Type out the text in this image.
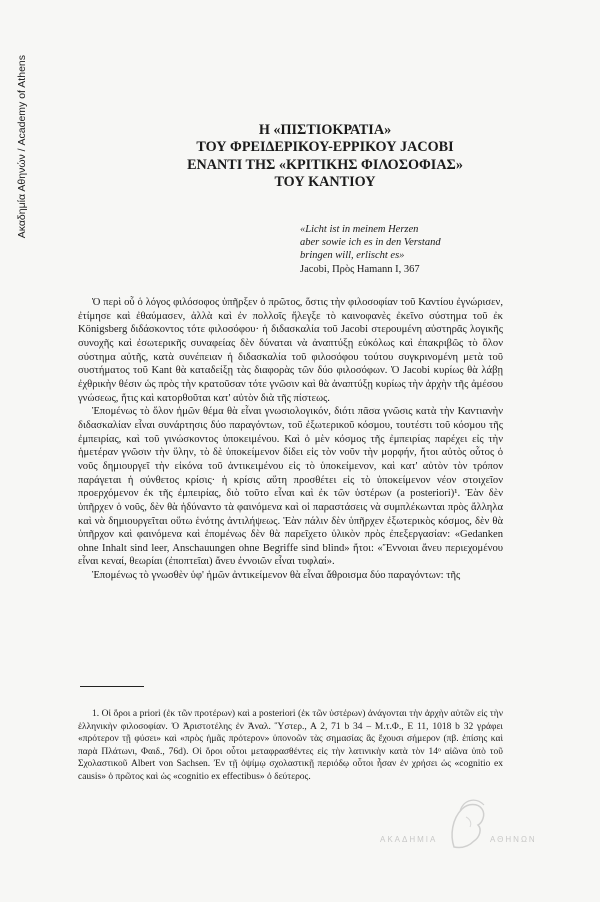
Ακαδημία Αθηνών / Academy of Athens	Η «ΠΙΣΤΙΟΚΡΑΤΙΑ»
ΤΟΥ ΦΡΕΙΔΕΡΙΚΟΥ-ΕΡΡΙΚΟΥ JACOBI
ΕΝΑΝΤΙ ΤΗΣ «ΚΡΙΤΙΚΗΣ ΦΙΛΟΣΟΦΙΑΣ»
ΤΟΥ ΚΑΝΤΙΟΥ
«Licht ist in meinem Herzen
aber sowie ich es in den Verstand
bringen will, erlischt es»
Jacobi, Πρὸς Hamann I, 367

Ὁ περὶ οὗ ὁ λόγος φιλόσοφος ὑπῆρξεν ὁ πρῶτος, ὅστις τὴν φιλοσοφίαν τοῦ Καντίου ἐγνώρισεν, ἐτίμησε καὶ ἐθαύμασεν, ἀλλὰ καὶ ἐν πολλοῖς ἤλεγξε τὸ καινοφανὲς ἐκεῖνο σύστημα τοῦ ἐκ Königsberg διδάσκοντος τότε φιλοσόφου· ἡ διδασκαλία τοῦ Jacobi στερουμένη αὐστηρᾶς λογικῆς συνοχῆς καὶ ἐσωτερικῆς συναφείας δὲν δύναται νὰ ἀναπτύξῃ εὐκόλως καὶ ἐπακριβῶς τὸ ὅλον σύστημα αὐτῆς, κατὰ συνέπειαν ἡ διδασκαλία τοῦ φιλοσόφου τούτου συγκρινομένη μετὰ τοῦ συστήματος τοῦ Kant θὰ καταδείξῃ τὰς διαφορὰς τῶν δύο φιλοσόφων. Ὁ Jacobi κυρίως θὰ λάβῃ ἐχθρικὴν θέσιν ὡς πρὸς τὴν κρατοῦσαν τότε γνῶσιν καὶ θὰ ἀναπτύξῃ κυρίως τὴν ἀρχὴν τῆς ἀμέσου γνώσεως, ἥτις καὶ κατορθοῦται κατ' αὐτὸν διὰ τῆς πίστεως.

Ἑπομένως τὸ ὅλον ἡμῶν θέμα θὰ εἶναι γνωσιολογικόν, διότι πᾶσα γνῶσις κατὰ τὴν Καντιανὴν διδασκαλίαν εἶναι συνάρτησις δύο παραγόντων, τοῦ ἐξωτερικοῦ κόσμου, τουτέστι τοῦ κόσμου τῆς ἐμπειρίας, καὶ τοῦ γινώσκοντος ὑποκειμένου. Καὶ ὁ μὲν κόσμος τῆς ἐμπειρίας παρέχει εἰς τὴν ἡμετέραν γνῶσιν τὴν ὕλην, τὸ δὲ ὑποκείμενον δίδει εἰς τὸν νοῦν τὴν μορφήν, ἤτοι αὐτὸς οὗτος ὁ νοῦς δημιουργεῖ τὴν εἰκόνα τοῦ ἀντικειμένου εἰς τὸ ὑποκείμενον, καὶ κατ' αὐτὸν τὸν τρόπον παράγεται ἡ σύνθετος κρίσις· ἡ κρίσις αὕτη προσθέτει εἰς τὸ ὑποκείμενον νέον στοιχεῖον προερχόμενον ἐκ τῆς ἐμπειρίας, διὸ τοῦτο εἶναι καὶ ἐκ τῶν ὑστέρων (a posteriori)¹. Ἐὰν δὲν ὑπῆρχεν ὁ νοῦς, δὲν θὰ ἠδύναντο τὰ φαινόμενα καὶ οἱ παραστάσεις νὰ συμπλέκωνται πρὸς ἄλληλα καὶ νὰ δημιουργεῖται οὕτω ἑνότης ἀντιλήψεως. Ἐὰν πάλιν δὲν ὑπῆρχεν ἐξωτερικὸς κόσμος, δὲν θὰ ὑπῆρχον καὶ φαινόμενα καὶ ἑπομένως δὲν θὰ παρεῖχετο ὑλικὸν πρὸς ἐπεξεργασίαν: «Gedanken ohne Inhalt sind leer, Anschauungen ohne Begriffe sind blind» ἤτοι: «Ἔννοιαι ἄνευ περιεχομένου εἶναι κεναί, θεωρίαι (ἐποπτεῖαι) ἄνευ ἐννοιῶν εἶναι τυφλαί».

Ἑπομένως τὸ γνωσθὲν ὑφ' ἡμῶν ἀντικείμενον θὰ εἶναι ἄθροισμα δύο παραγόντων: τῆς

1. Οἱ ὅροι a priori (ἐκ τῶν προτέρων) καὶ a posteriori (ἐκ τῶν ὑστέρων) ἀνάγονται τὴν ἀρχὴν αὐτῶν εἰς τὴν ἑλληνικὴν φιλοσοφίαν. Ὁ Ἀριστοτέλης ἐν Ἀναλ. Ὕστερ., Α 2, 71 b 34 – Μ.τ.Φ., Ε 11, 1018 b 32 γράφει «πρότερον τῇ φύσει» καὶ «πρὸς ἡμᾶς πρότερον» ὑπονοῶν τὰς σημασίας ἃς ἔχουσι σήμερον (πβ. ἐπίσης καὶ παρὰ Πλάτωνι, Φαιδ., 76d). Οἱ ὅροι οὗτοι μεταφρασθέντες εἰς τὴν λατινικὴν κατὰ τὸν 14ᵒ αἰῶνα ὑπὸ τοῦ Σχολαστικοῦ Albert von Sachsen. Ἐν τῇ ὀψίμῳ σχολαστικῇ περιόδῳ οὗτοι ἦσαν ἐν χρήσει ὡς «cognitio ex causis» ὁ πρῶτος καὶ ὡς «cognitio ex effectibus» ὁ δεύτερος.

ΑΚΑΔΗΜΙΑ	ΑΘΗΝΩΝ
